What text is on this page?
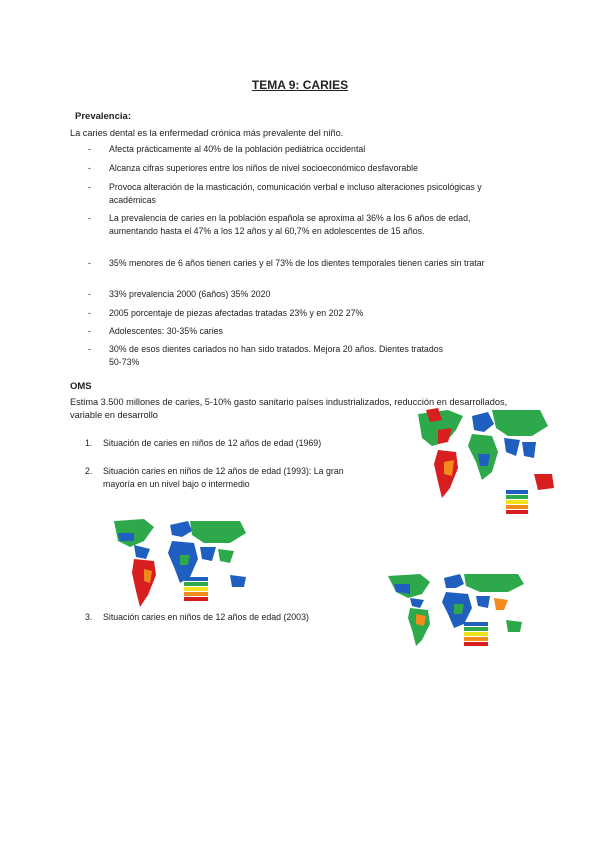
TEMA 9: CARIES
Prevalencia:
La caries dental es la enfermedad crónica más prevalente del niño.
-	Afecta prácticamente al 40% de la población pediátrica occidental
-	Alcanza cifras superiores entre los niños de nivel socioeconómico desfavorable
-	Provoca alteración de la masticación, comunicación verbal e incluso alteraciones psicológicas y académicas
-	La prevalencia de caries en la población española se aproxima al 36% a los 6 años de edad, aumentando hasta el 47% a los 12 años y al 60,7% en adolescentes de 15 años.
-	35% menores de 6 años tienen caries y el 73% de los dientes temporales tienen caries sin tratar
-	33% prevalencia 2000 (6años) 35% 2020
-	2005 porcentaje de piezas afectadas tratadas 23% y en 202 27%
-	Adolescentes: 30-35% caries
-	30% de esos dientes cariados no han sido tratados. Mejora 20 años. Dientes tratados 50-73%
OMS
Estima 3.500 millones de caries, 5-10% gasto sanitario países industrializados, reducción en desarrollados, variable en desarrollo
1.	Situación de caries en niños de 12 años de edad (1969)
2.	Situación caries en niños de 12 años de edad (1993): La gran mayoría en un nivel bajo o intermedio
3.	Situación caries en niños de 12 años de edad (2003)
